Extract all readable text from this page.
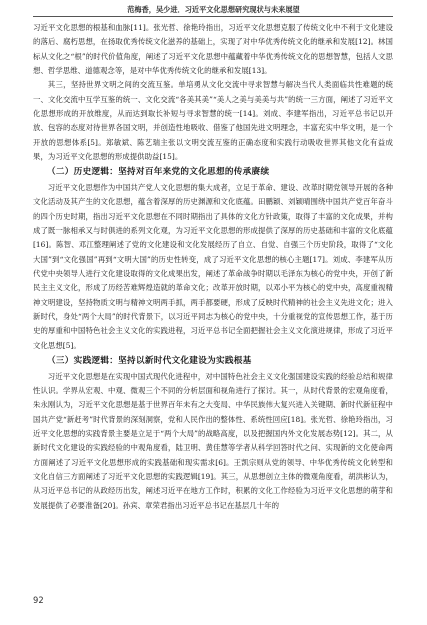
范梅香，吴少进．习近平文化思想研究现状与未来展望

习近平文化思想的根基和血脉[11]。张光哲、徐艳玲指出，习近平文化思想克服了传统文化中不利于文化建设的落后、腐朽思想，在扬取优秀传统文化滋养的基础上，实现了对中华优秀传统文化的继承和发展[12]。林国标从文化之“根”的时代价值角度，阐述了习近平文化思想中蕴藏着中华优秀传统文化的思想智慧，包括人文思想、哲学思维、道德观念等，是对中华优秀传统文化的继承和发展[13]。

其三，坚持世界文明之间的交流互鉴。单培勇从文化交流中寻求智慧与解决当代人类面临共性难题的统一、文化交流中互学互鉴的统一、文化交流“各美其美”“美人之美与美美与共”的统一三方面，阐述了习近平文化思想形成的开放维度，从而达到取长补短与寻求智慧的统一[14]。刘成、李建军指出，习近平总书记以开放、包容的态度对待世界各国文明，并创造性地吸收、借鉴了他国先进文明理念，丰富充实中华文明，是一个开放的思想体系[5]。郑敏斌、陈艺瑞主张以文明交流互鉴的正确态度和实践行动吸收世界其他文化有益成果，为习近平文化思想的形成提供助益[15]。

（二）历史逻辑：坚持对百年来党的文化思想的传承赓续

习近平文化思想作为中国共产党人文化思想的集大成者，立足于革命、建设、改革时期党领导开展的各种文化活动及其产生的文化思想，蕴含着深厚的历史渊源和文化底蕴。田鹏颖、刘颖晴围绕中国共产党百年奋斗的四个历史时期，指出习近平文化思想在不同时期指出了具体的文化方针政策，取得了丰富的文化成果，并构成了既一脉相承又与时俱进的系列文化观，为习近平文化思想的形成提供了深厚的历史基础和丰富的文化底蕴[16]。陈智、邓江整理阐述了党的文化建设和文化发展经历了自立、自觉、自强三个历史阶段，取得了“文化大国”到“文化强国”再到“文明大国”的历史性转变，成了习近平文化思想的核心主题[17]。刘成、李建军从历代党中央领导人进行文化建设取得的文化成果出发，阐述了革命战争时期以毛泽东为核心的党中央，开创了新民主主义文化，形成了历经苦难辉煌造就的革命文化；改革开放时期，以邓小平为核心的党中央，高度重视精神文明建设，坚持物质文明与精神文明两手抓，两手都要硬，形成了反映时代精神的社会主义先进文化；进入新时代，身处“两个大局”的时代背景下，以习近平同志为核心的党中央，十分重视党的宣传思想工作，基于历史的厚重和中国特色社会主义文化的实践进程，习近平总书记全面把握社会主义文化演进规律，形成了习近平文化思想[5]。

（三）实践逻辑：坚持以新时代文化建设为实践根基

习近平文化思想是在实现中国式现代化进程中，对中国特色社会主义文化强国建设实践的经验总结和规律性认识。学界从宏观、中观、微观三个不同的分析层面和视角进行了探讨。其一，从时代背景的宏观角度看，朱永刚认为，习近平文化思想是基于世界百年未有之大变局、中华民族伟大复兴进入关键期、新时代新征程中国共产党“新赶考”时代背景的深刻洞察，党和人民作出的整体性、系统性回应[18]。张光哲、徐艳玲指出，习近平文化思想的实践背景主要是立足于“两个大局”的战略高度，以及把握国内外文化发展态势[12]。其二，从新时代文化建设的实践经验的中观角度看，陆卫明、黄佳慧等学者从科学回答时代之问、实现新的文化使命两方面阐述了习近平文化思想形成的实践基础和现实需求[6]。王凯宗则从党的领导、中华优秀传统文化转型和文化自信三方面阐述了习近平文化思想的实践逻辑[19]。其三，从思想创立主体的微观角度看，胡洪彬认为，从习近平总书记的从政经历出发，阐述习近平在地方工作时，积累的文化工作经验为习近平文化思想的萌芽和发展提供了必要准备[20]。孙宾、章荣君指出习近平总书记在基层几十年的

92
